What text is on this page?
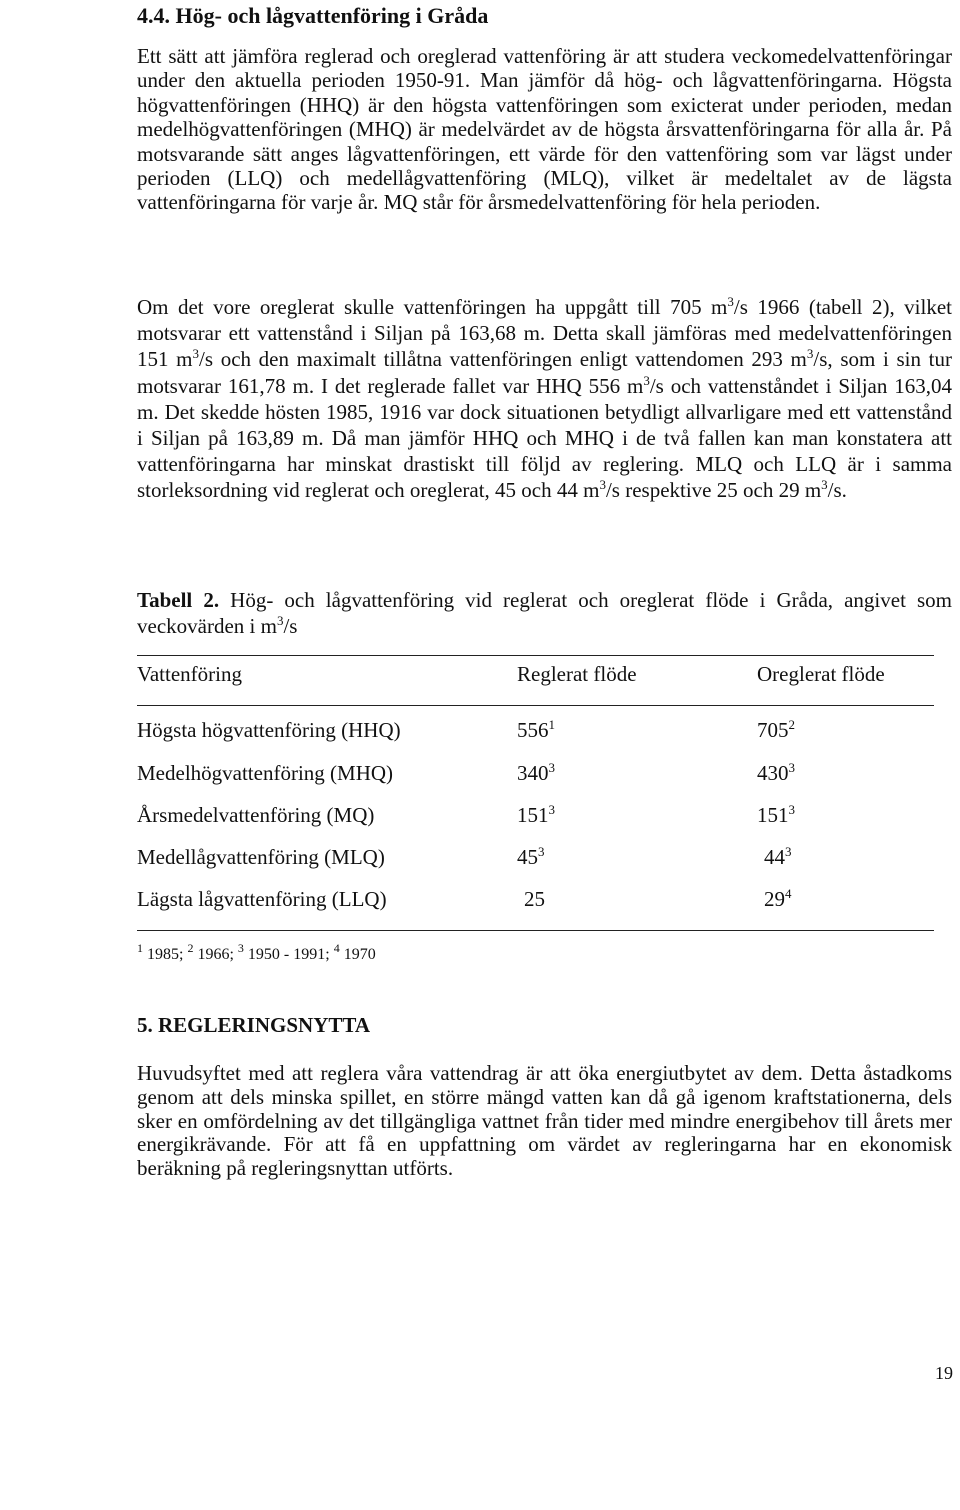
4.4. Hög- och lågvattenföring i Gråda

Ett sätt att jämföra reglerad och oreglerad vattenföring är att studera veckomedelvattenföringar under den aktuella perioden 1950-91. Man jämför då hög- och lågvattenföringarna. Högsta högvattenföringen (HHQ) är den högsta vattenföringen som exicterat under perioden, medan medelhögvattenföringen (MHQ) är medelvärdet av de högsta årsvattenföringarna för alla år. På motsvarande sätt anges lågvattenföringen, ett värde för den vattenföring som var lägst under perioden (LLQ) och medellågvattenföring (MLQ), vilket är medeltalet av de lägsta vattenföringarna för varje år. MQ står för årsmedelvattenföring för hela perioden.

Om det vore oreglerat skulle vattenföringen ha uppgått till 705 $m^3/s$ 1966 (tabell 2), vilket motsvarar ett vattenstånd i Siljan på 163,68 m. Detta skall jämföras med medelvattenföringen 151 $m^3/s$ och den maximalt tillåtna vattenföringen enligt vattendomen 293 $m^3/s$, som i sin tur motsvarar 161,78 m. I det reglerade fallet var HHQ 556 $m^3/s$ och vattenståndet i Siljan 163,04 m. Det skedde hösten 1985, 1916 var dock situationen betydligt allvarligare med ett vattenstånd i Siljan på 163,89 m. Då man jämför HHQ och MHQ i de två fallen kan man konstatera att vattenföringarna har minskat drastiskt till följd av reglering. MLQ och LLQ är i samma storleksordning vid reglerat och oreglerat, 45 och 44 $m^3/s$ respektive 25 och 29 $m^3/s$.

Tabell 2. Hög- och lågvattenföring vid reglerat och oreglerat flöde i Gråda, angivet som veckovärden i $m^3/s$

Vattenföring	Reglerat flöde	Oreglerat flöde
Högsta högvattenföring (HHQ)	$556^1$	$705^2$
Medelhögvattenföring (MHQ)	$340^3$	$430^3$
Årsmedelvattenföring (MQ)	$151^3$	$151^3$
Medellågvattenföring (MLQ)	$45^3$	$44^3$
Lägsta lågvattenföring (LLQ)	25	$29^4$
$^1$ 1985; $^2$ 1966; $^3$ 1950 - 1991; $^4$ 1970
5. REGLERINGSNYTTA

Huvudsyftet med att reglera våra vattendrag är att öka energiutbytet av dem. Detta åstadkoms genom att dels minska spillet, en större mängd vatten kan då gå igenom kraftstationerna, dels sker en omfördelning av det tillgängliga vattnet från tider med mindre energibehov till årets mer energikrävande. För att få en uppfattning om värdet av regleringarna har en ekonomisk beräkning på regleringsnyttan utförts.

19
